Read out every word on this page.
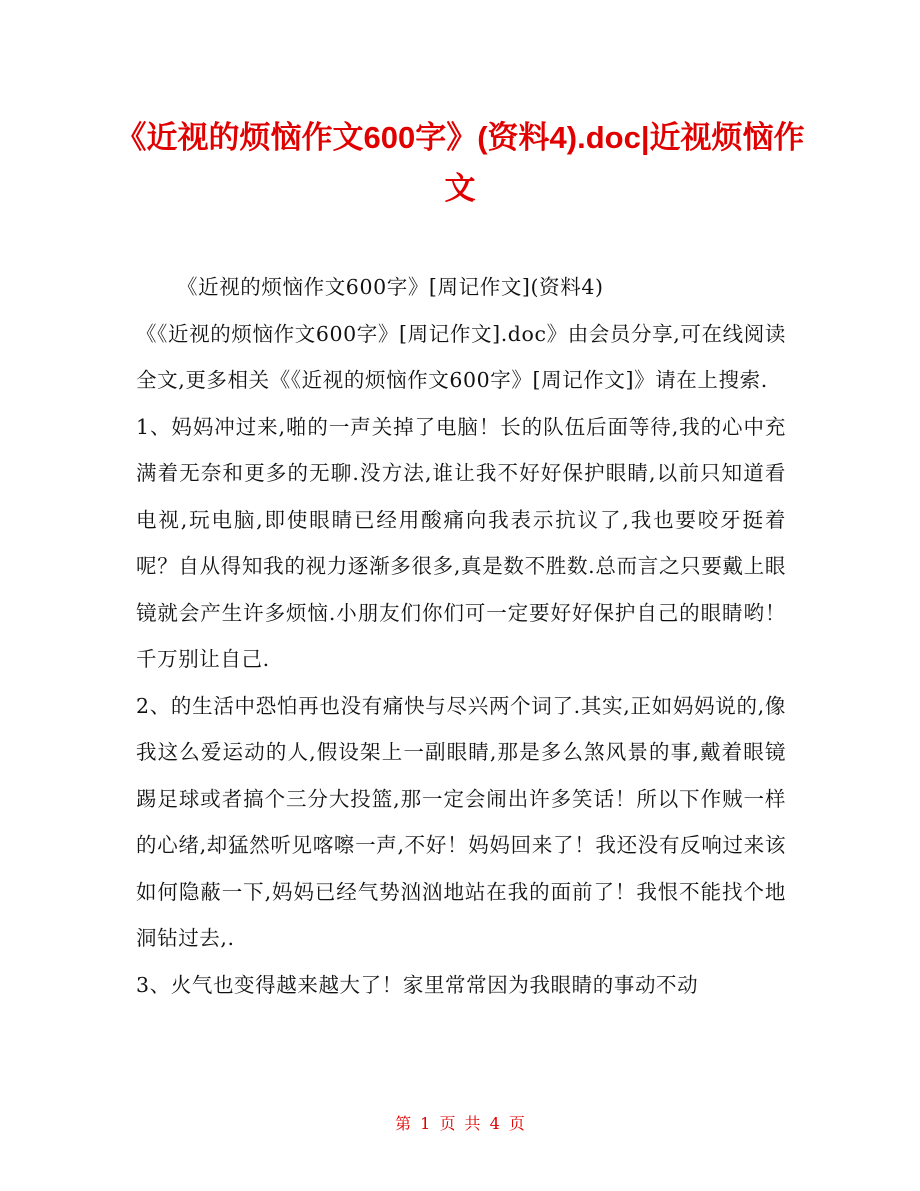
《近视的烦恼作文600字》(资料4).doc|近视烦恼作文

《近视的烦恼作文600字》[周记作文](资料4)

《《近视的烦恼作文600字》[周记作文].doc》由会员分享,可在线阅读全文,更多相关《《近视的烦恼作文600字》[周记作文]》请在上搜索.

1、妈妈冲过来,啪的一声关掉了电脑！长的队伍后面等待,我的心中充满着无奈和更多的无聊.没方法,谁让我不好好保护眼睛,以前只知道看电视,玩电脑,即使眼睛已经用酸痛向我表示抗议了,我也要咬牙挺着呢？自从得知我的视力逐渐多很多,真是数不胜数.总而言之只要戴上眼镜就会产生许多烦恼.小朋友们你们可一定要好好保护自己的眼睛哟！千万别让自己.

2、的生活中恐怕再也没有痛快与尽兴两个词了.其实,正如妈妈说的,像我这么爱运动的人,假设架上一副眼睛,那是多么煞风景的事,戴着眼镜踢足球或者搞个三分大投篮,那一定会闹出许多笑话！所以下作贼一样的心绪,却猛然听见喀嚓一声,不好！妈妈回来了！我还没有反响过来该如何隐蔽一下,妈妈已经气势汹汹地站在我的面前了！我恨不能找个地洞钻过去,.

3、火气也变得越来越大了！家里常常因为我眼睛的事动不动

第 1 页 共 4 页
